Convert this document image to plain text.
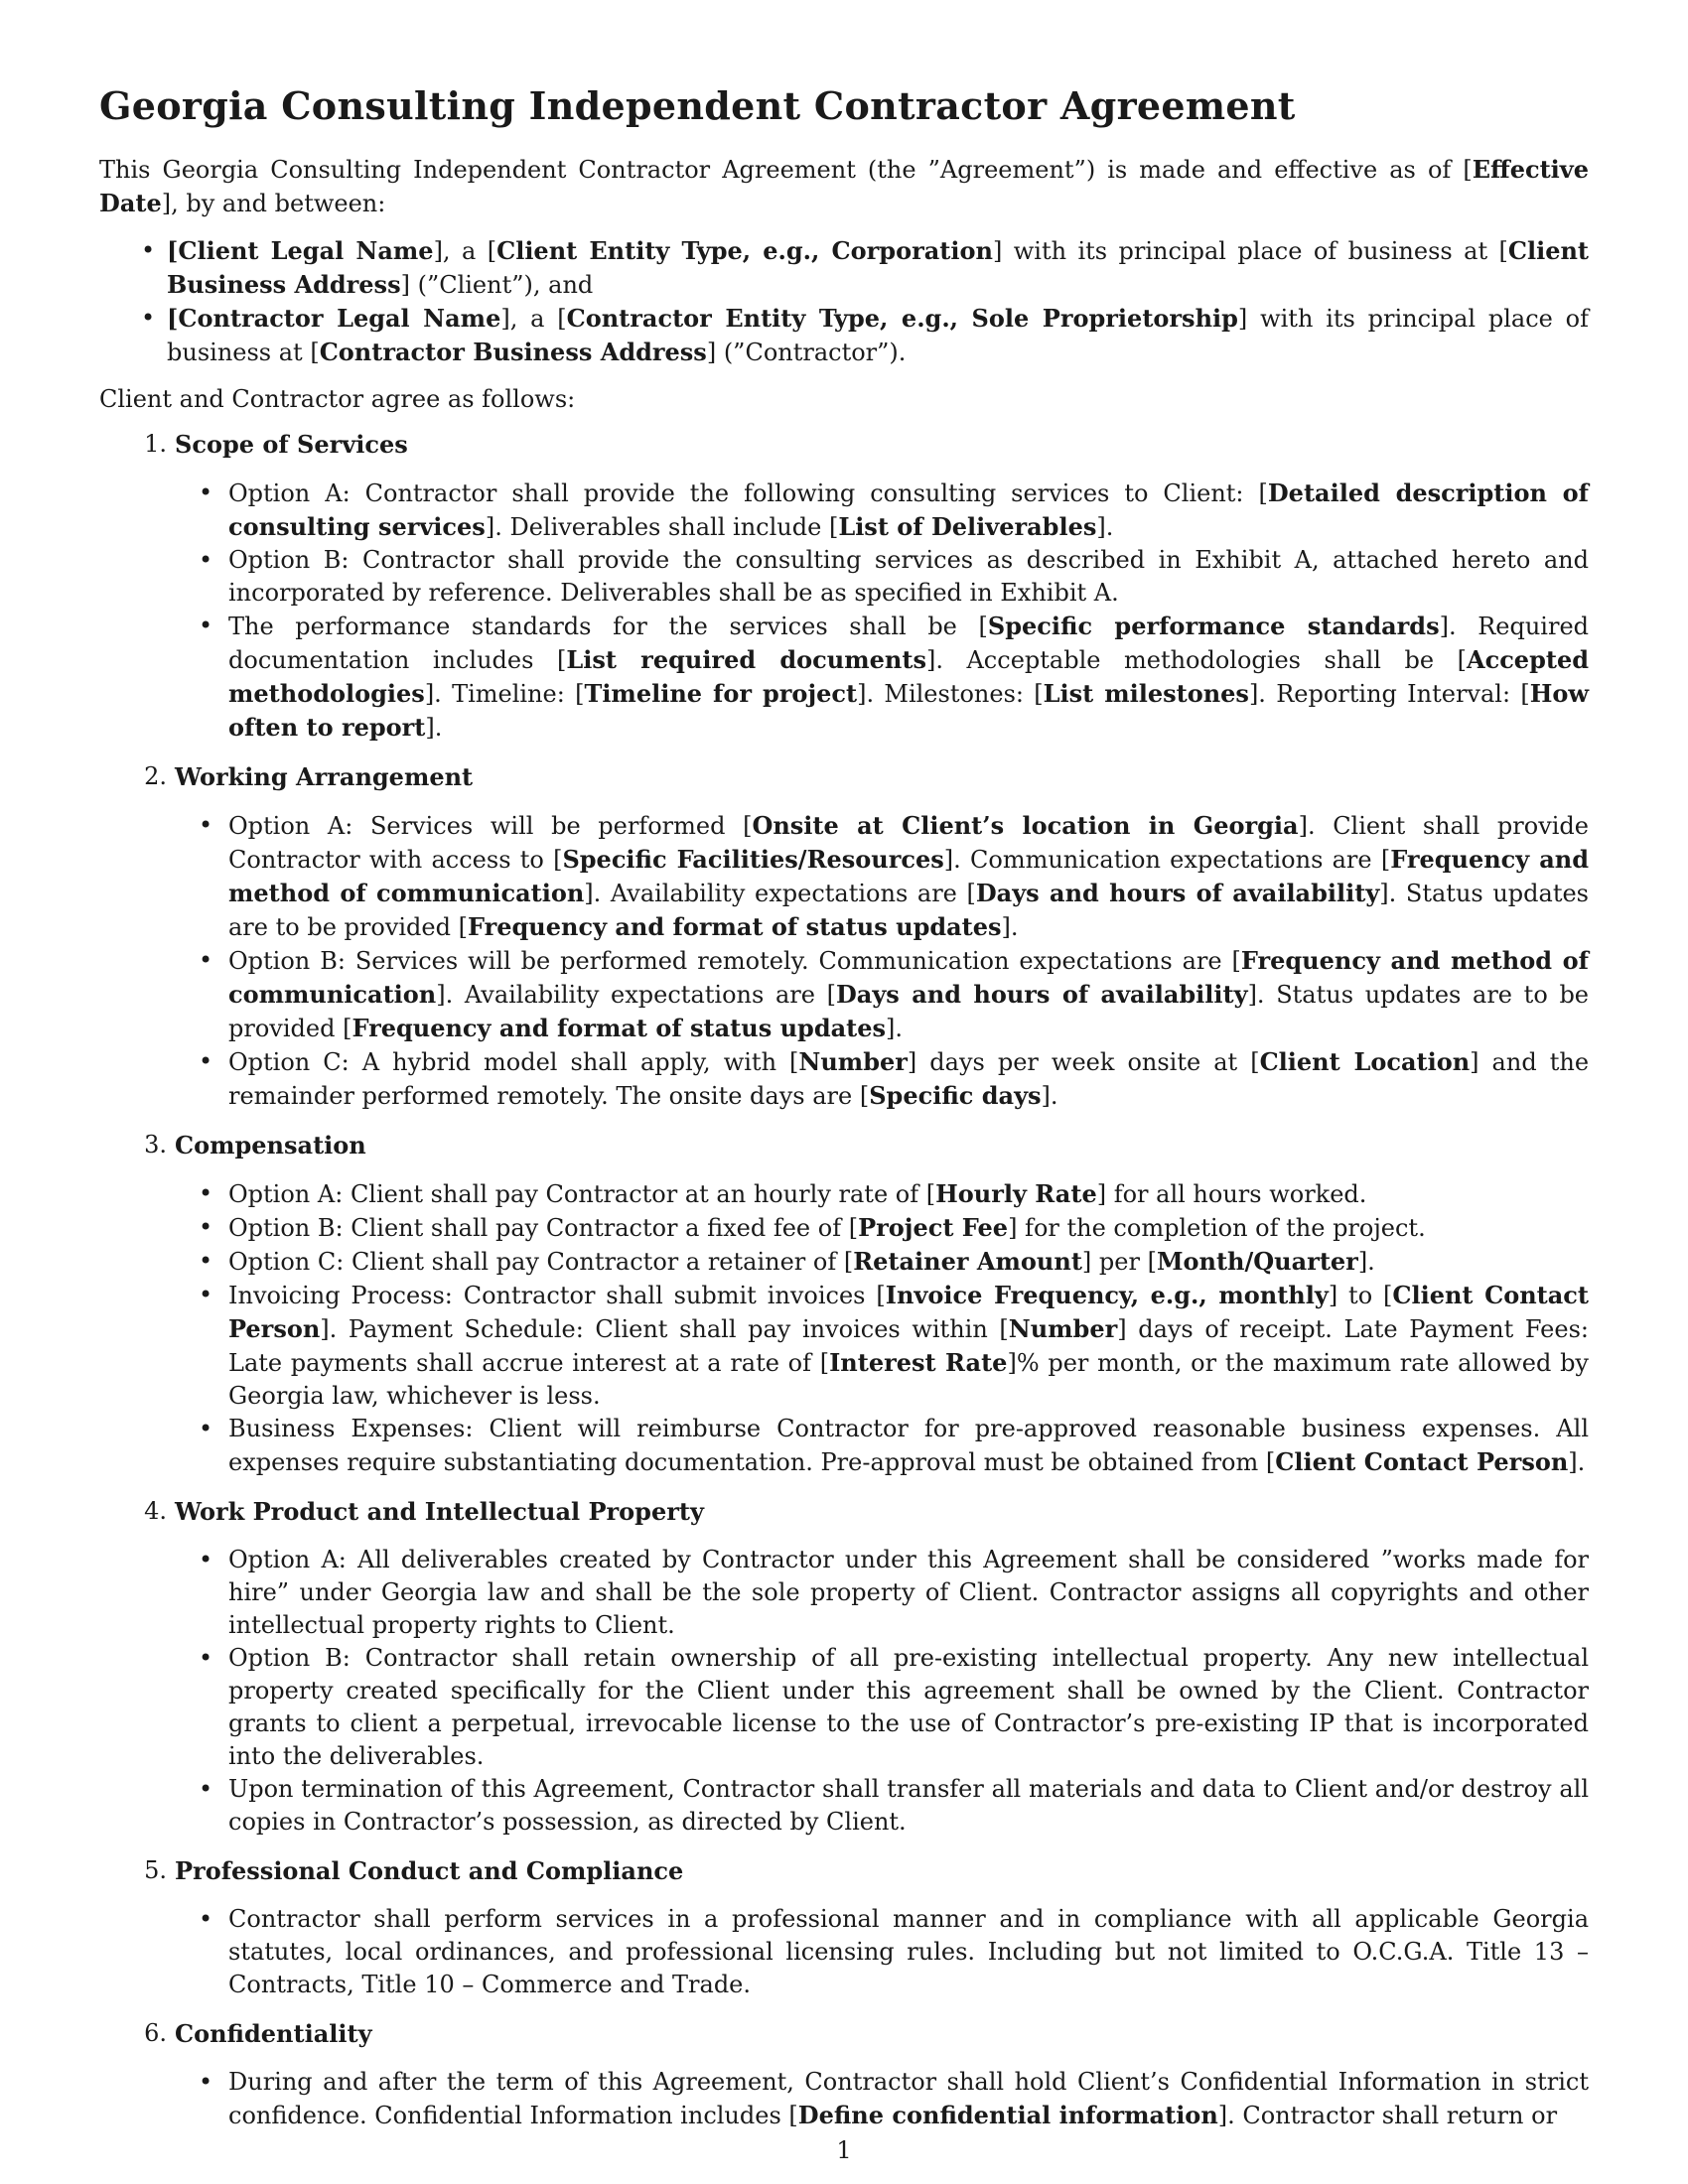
Georgia Consulting Independent Contractor Agreement

This Georgia Consulting Independent Contractor Agreement (the ”Agreement”) is made and effective as of [Effective Date], by and between:

• [Client Legal Name], a [Client Entity Type, e.g., Corporation] with its principal place of business at [Client Business Address] (”Client”), and
• [Contractor Legal Name], a [Contractor Entity Type, e.g., Sole Proprietorship] with its principal place of business at [Contractor Business Address] (”Contractor”).

Client and Contractor agree as follows:

1. Scope of Services
• Option A: Contractor shall provide the following consulting services to Client: [Detailed description of consulting services]. Deliverables shall include [List of Deliverables].
• Option B: Contractor shall provide the consulting services as described in Exhibit A, attached hereto and incorporated by reference. Deliverables shall be as specified in Exhibit A.
• The performance standards for the services shall be [Specific performance standards]. Required documentation includes [List required documents]. Acceptable methodologies shall be [Accepted methodologies]. Timeline: [Timeline for project]. Milestones: [List milestones]. Reporting Interval: [How often to report].
2. Working Arrangement
• Option A: Services will be performed [Onsite at Client’s location in Georgia]. Client shall provide Contractor with access to [Specific Facilities/Resources]. Communication expectations are [Frequency and method of communication]. Availability expectations are [Days and hours of availability]. Status updates are to be provided [Frequency and format of status updates].
• Option B: Services will be performed remotely. Communication expectations are [Frequency and method of communication]. Availability expectations are [Days and hours of availability]. Status updates are to be provided [Frequency and format of status updates].
• Option C: A hybrid model shall apply, with [Number] days per week onsite at [Client Location] and the remainder performed remotely. The onsite days are [Specific days].
3. Compensation
• Option A: Client shall pay Contractor at an hourly rate of [Hourly Rate] for all hours worked.
• Option B: Client shall pay Contractor a fixed fee of [Project Fee] for the completion of the project.
• Option C: Client shall pay Contractor a retainer of [Retainer Amount] per [Month/Quarter].
• Invoicing Process: Contractor shall submit invoices [Invoice Frequency, e.g., monthly] to [Client Contact Person]. Payment Schedule: Client shall pay invoices within [Number] days of receipt. Late Payment Fees: Late payments shall accrue interest at a rate of [Interest Rate]% per month, or the maximum rate allowed by Georgia law, whichever is less.
• Business Expenses: Client will reimburse Contractor for pre-approved reasonable business expenses. All expenses require substantiating documentation. Pre-approval must be obtained from [Client Contact Person].
4. Work Product and Intellectual Property
• Option A: All deliverables created by Contractor under this Agreement shall be considered ”works made for hire” under Georgia law and shall be the sole property of Client. Contractor assigns all copyrights and other intellectual property rights to Client.
• Option B: Contractor shall retain ownership of all pre-existing intellectual property. Any new intellectual property created specifically for the Client under this agreement shall be owned by the Client. Contractor grants to client a perpetual, irrevocable license to the use of Contractor’s pre-existing IP that is incorporated into the deliverables.
• Upon termination of this Agreement, Contractor shall transfer all materials and data to Client and/or destroy all copies in Contractor’s possession, as directed by Client.
5. Professional Conduct and Compliance
• Contractor shall perform services in a professional manner and in compliance with all applicable Georgia statutes, local ordinances, and professional licensing rules. Including but not limited to O.C.G.A. Title 13 – Contracts, Title 10 – Commerce and Trade.
6. Confidentiality
• During and after the term of this Agreement, Contractor shall hold Client’s Confidential Information in strict confidence. Confidential Information includes [Define confidential information]. Contractor shall return or
1
